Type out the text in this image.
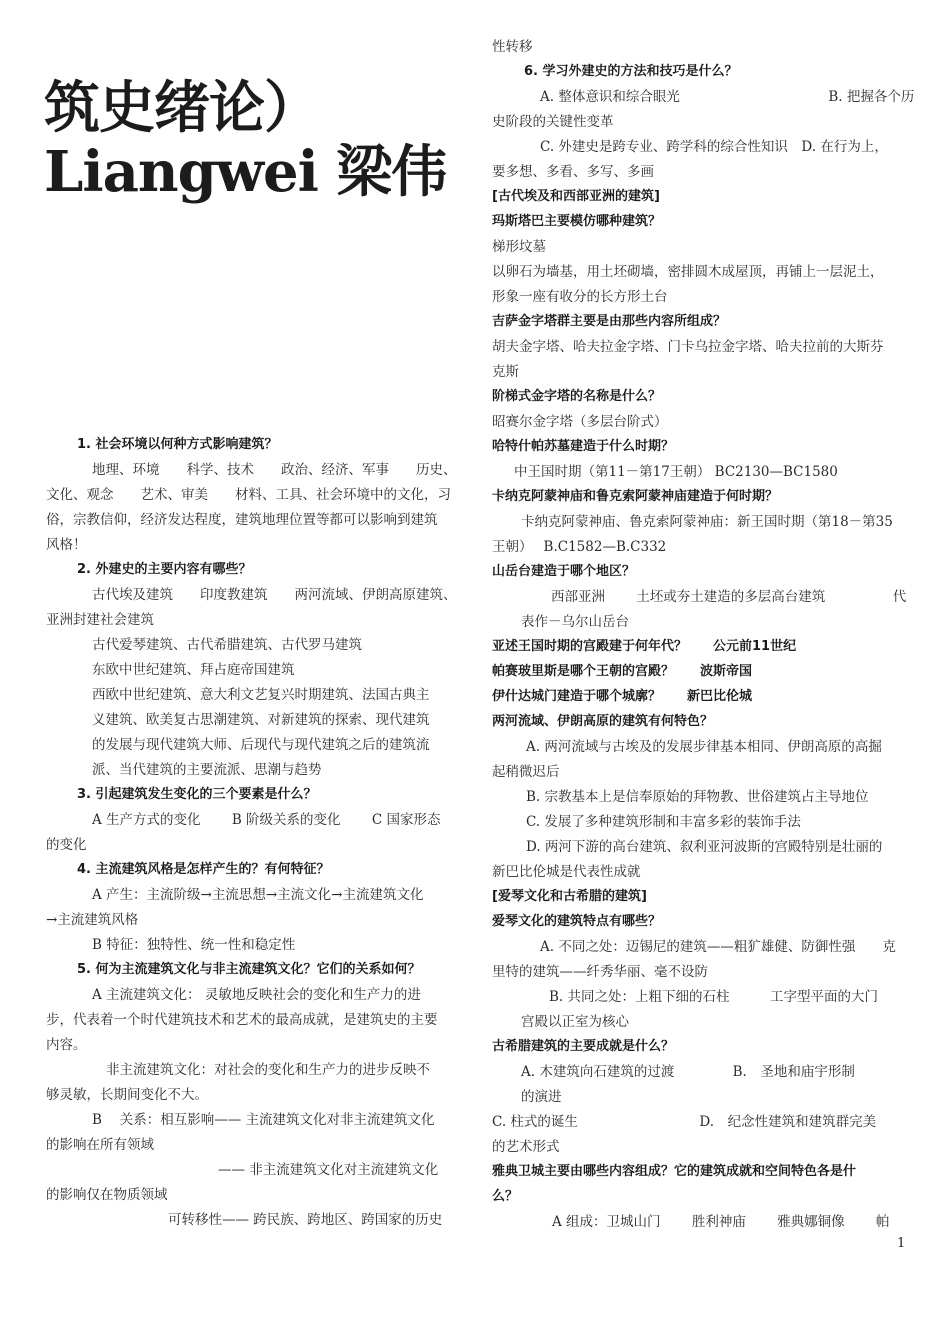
筑史绪论）
Liangwei 梁伟
1. 社会环境以何种方式影响建筑？
地理、环境　　科学、技术　　政治、经济、军事　　历史、
文化、观念　　艺术、审美　　材料、工具、社会环境中的文化，习
俗，宗教信仰，经济发达程度，建筑地理位置等都可以影响到建筑
风格！
2. 外建史的主要内容有哪些？
古代埃及建筑　　印度教建筑　　两河流域、伊朗高原建筑、
亚洲封建社会建筑
古代爱琴建筑、古代希腊建筑、古代罗马建筑
东欧中世纪建筑、拜占庭帝国建筑
西欧中世纪建筑、意大利文艺复兴时期建筑、法国古典主
义建筑、欧美复古思潮建筑、对新建筑的探索、现代建筑
的发展与现代建筑大师、后现代与现代建筑之后的建筑流
派、当代建筑的主要流派、思潮与趋势
3. 引起建筑发生变化的三个要素是什么？
A 生产方式的变化　　 B 阶级关系的变化　　 C 国家形态
的变化
4. 主流建筑风格是怎样产生的？有何特征？
A 产生：主流阶级→主流思想→主流文化→主流建筑文化
→主流建筑风格
B 特征：独特性、统一性和稳定性
5. 何为主流建筑文化与非主流建筑文化？它们的关系如何？
A 主流建筑文化： 灵敏地反映社会的变化和生产力的进
步，代表着一个时代建筑技术和艺术的最高成就，是建筑史的主要
内容。
非主流建筑文化：对社会的变化和生产力的进步反映不
够灵敏，长期间变化不大。
B　 关系：相互影响—— 主流建筑文化对非主流建筑文化
的影响在所有领域
—— 非主流建筑文化对主流建筑文化
的影响仅在物质领域
可转移性—— 跨民族、跨地区、跨国家的历史
性转移
6. 学习外建史的方法和技巧是什么？
A. 整体意识和综合眼光　　　　　　　　　　　B. 把握各个历
史阶段的关键性变革
C. 外建史是跨专业、跨学科的综合性知识　D. 在行为上，
要多想、多看、多写、多画
[古代埃及和西部亚洲的建筑]
玛斯塔巴主要模仿哪种建筑？
梯形坟墓
以卵石为墙基，用土坯砌墙，密排圆木成屋顶，再铺上一层泥土，
形象一座有收分的长方形土台
吉萨金字塔群主要是由那些内容所组成？
胡夫金字塔、哈夫拉金字塔、门卡乌拉金字塔、哈夫拉前的大斯芬
克斯
阶梯式金字塔的名称是什么？
昭赛尔金字塔（多层台阶式）
哈特什帕苏墓建造于什么时期？
中王国时期（第11－第17王朝） BC2130—BC1580
卡纳克阿蒙神庙和鲁克索阿蒙神庙建造于何时期？
卡纳克阿蒙神庙、鲁克索阿蒙神庙：新王国时期（第18－第35
王朝）　 B.C1582—B.C332
山岳台建造于哪个地区？
西部亚洲　　 土坯或夯土建造的多层高台建筑　　　　　代
表作－乌尔山岳台
亚述王国时期的宫殿建于何年代？　　公元前11世纪
帕赛玻里斯是哪个王朝的宫殿？　　波斯帝国
伊什达城门建造于哪个城廓？　　新巴比伦城
两河流域、伊朗高原的建筑有何特色？
A. 两河流域与古埃及的发展步律基本相同、伊朗高原的高掘
起稍微迟后
B. 宗教基本上是信奉原始的拜物教、世俗建筑占主导地位
C. 发展了多种建筑形制和丰富多彩的装饰手法
D. 两河下游的高台建筑、叙利亚河波斯的宫殿特别是壮丽的
新巴比伦城是代表性成就
[爱琴文化和古希腊的建筑]
爱琴文化的建筑特点有哪些？
A. 不同之处：迈锡尼的建筑——粗犷雄健、防御性强　　克
里特的建筑——纤秀华丽、毫不设防
B. 共同之处：上粗下细的石柱　　　工字型平面的大门
宫殿以正室为核心
古希腊建筑的主要成就是什么？
A. 木建筑向石建筑的过渡　　　　 B.　圣地和庙宇形制
的演进
C. 柱式的诞生　　　　　　　　　D.　纪念性建筑和建筑群完美
的艺术形式
雅典卫城主要由哪些内容组成？它的建筑成就和空间特色各是什
么？
A 组成：卫城山门　　 胜利神庙　　 雅典娜铜像　　 帕
1
